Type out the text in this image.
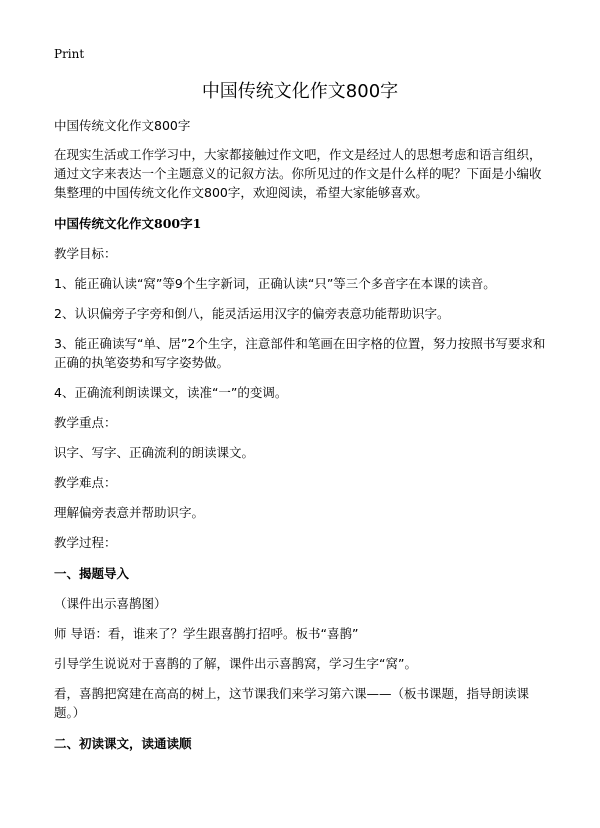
Print
中国传统文化作文800字

中国传统文化作文800字

在现实生活或工作学习中，大家都接触过作文吧，作文是经过人的思想考虑和语言组织，通过文字来表达一个主题意义的记叙方法。你所见过的作文是什么样的呢？下面是小编收集整理的中国传统文化作文800字，欢迎阅读，希望大家能够喜欢。

中国传统文化作文800字1

教学目标：

1、能正确认读“窝”等9个生字新词，正确认读“只”等三个多音字在本课的读音。

2、认识偏旁子字旁和倒八，能灵活运用汉字的偏旁表意功能帮助识字。

3、能正确读写“单、居”2个生字，注意部件和笔画在田字格的位置，努力按照书写要求和正确的执笔姿势和写字姿势做。

4、正确流利朗读课文，读准“一”的变调。

教学重点：

识字、写字、正确流利的朗读课文。

教学难点：

理解偏旁表意并帮助识字。

教学过程：

一、揭题导入

（课件出示喜鹊图）

师 导语：看，谁来了？学生跟喜鹊打招呼。板书“喜鹊”

引导学生说说对于喜鹊的了解，课件出示喜鹊窝，学习生字“窝”。

看，喜鹊把窝建在高高的树上，这节课我们来学习第六课——（板书课题，指导朗读课题。）

二、初读课文，读通读顺
